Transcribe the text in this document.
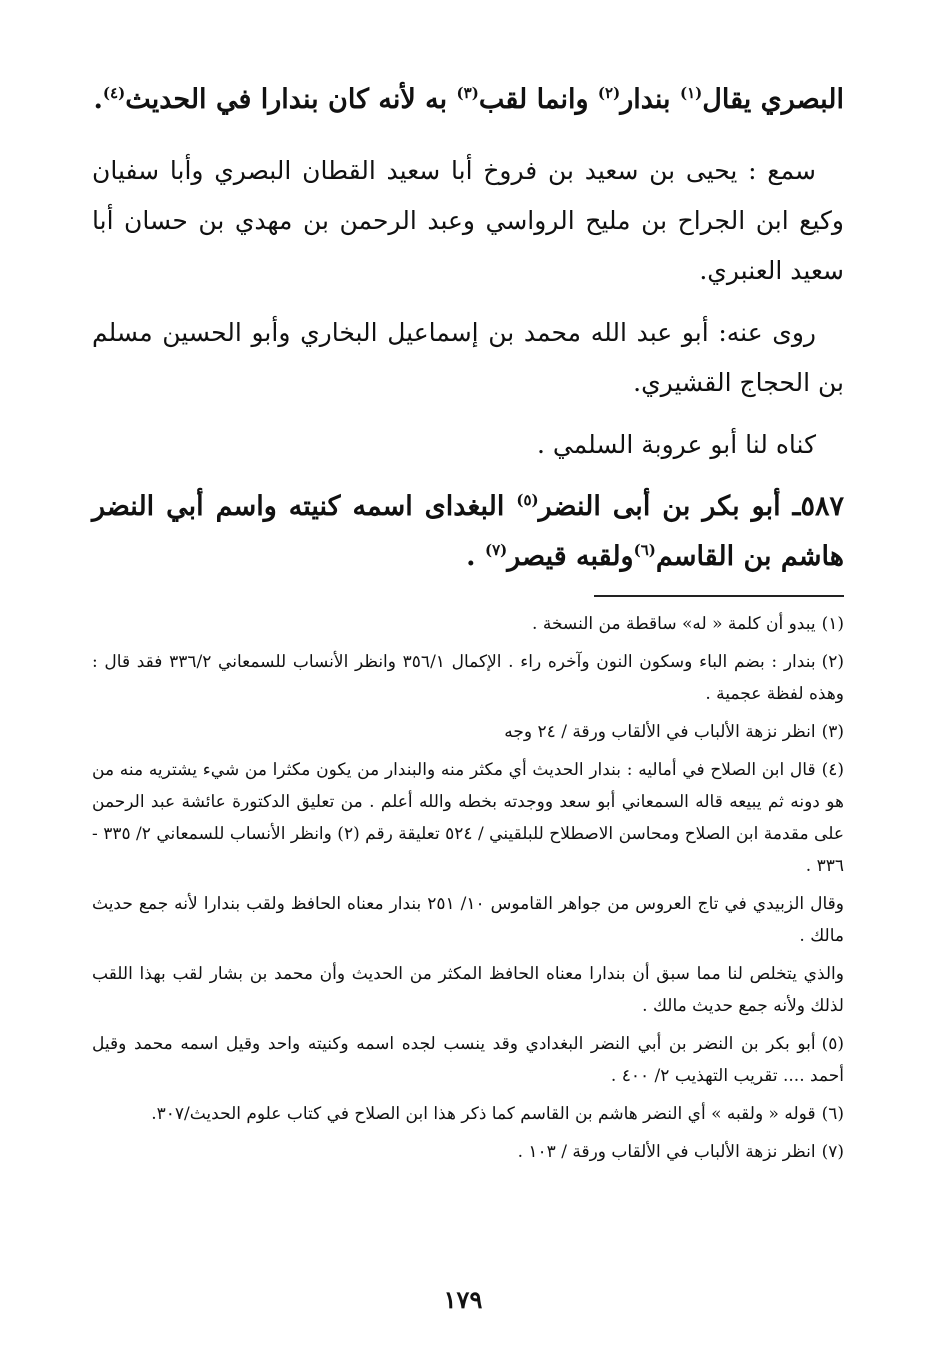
البصري يقال$^{(١)}$ بندار$^{(٢)}$ وانما لقب$^{(٣)}$ به لأنه كان بندارا في الحديث$^{(٤)}$.

سمع : يحيى بن سعيد بن فروخ أبا سعيد القطان البصري وأبا سفيان وكيع ابن الجراح بن مليح الرواسي وعبد الرحمن بن مهدي بن حسان أبا سعيد العنبري.

روى عنه: أبو عبد الله محمد بن إسماعيل البخاري وأبو الحسين مسلم بن الحجاج القشيري.

كناه لنا أبو عروبة السلمي .

٥٨٧ـ أبو بكر بن أبى النضر$^{(٥)}$ البغداى اسمه كنيته واسم أبي النضر هاشم بن القاسم$^{(٦)}$ولقبه قيصر$^{(٧)}$ .

(١)يبدو أن كلمة « له» ساقطة من النسخة .

(٢)بندار : بضم الباء وسكون النون وآخره راء . الإكمال ٣٥٦/١ وانظر الأنساب للسمعاني ٣٣٦/٢ فقد قال : وهذه لفظة عجمية .

(٣)انظر نزهة الألباب في الألقاب ورقة / ٢٤ وجه

(٤)قال ابن الصلاح في أماليه : بندار الحديث أي مكثر منه والبندار من يكون مكثرا من شيء يشتريه منه من هو دونه ثم يبيعه قاله السمعاني أبو سعد ووجدته بخطه والله أعلم . من تعليق الدكتورة عائشة عبد الرحمن على مقدمة ابن الصلاح ومحاسن الاصطلاح للبلقيني / ٥٢٤ تعليقة رقم (٢) وانظر الأنساب للسمعاني ٢/ ٣٣٥ - ٣٣٦ .

وقال الزبيدي في تاج العروس من جواهر القاموس ١٠/ ٢٥١ بندار معناه الحافظ ولقب بندارا لأنه جمع حديث مالك .

والذي يتخلص لنا مما سبق أن بندارا معناه الحافظ المكثر من الحديث وأن محمد بن بشار لقب بهذا اللقب لذلك ولأنه جمع حديث مالك .

(٥)أبو بكر بن النضر بن أبي النضر البغدادي وقد ينسب لجده اسمه وكنيته واحد وقيل اسمه محمد وقيل أحمد .... تقريب التهذيب ٢/ ٤٠٠ .

(٦)قوله « ولقبه » أي النضر هاشم بن القاسم كما ذكر هذا ابن الصلاح في كتاب علوم الحديث/٣٠٧.

(٧)انظر نزهة الألباب في الألقاب ورقة / ١٠٣ .

١٧٩
